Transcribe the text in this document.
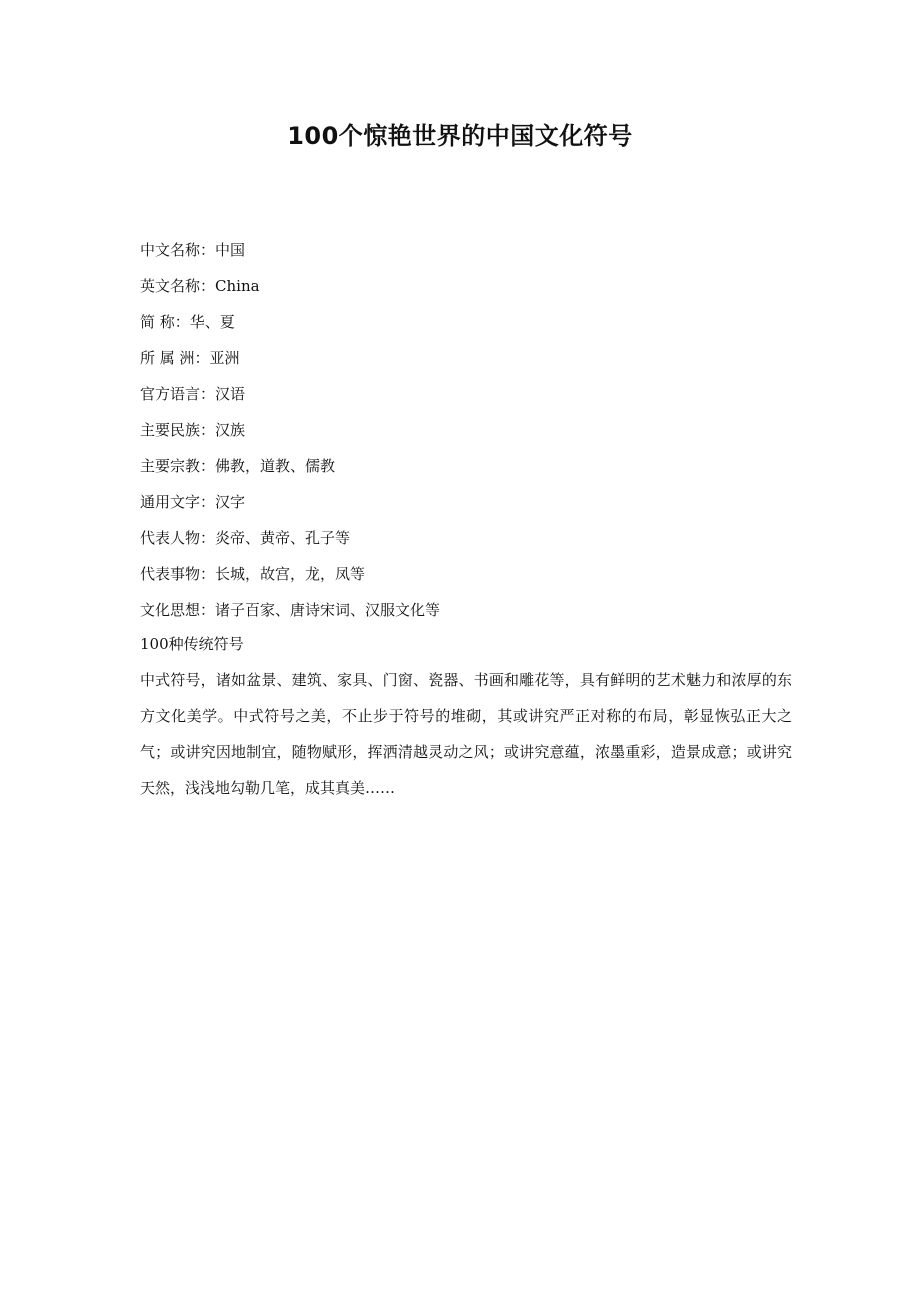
100个惊艳世界的中国文化符号
中文名称：中国
英文名称：China
简 称：华、夏
所 属 洲：亚洲
官方语言：汉语
主要民族：汉族
主要宗教：佛教，道教、儒教
通用文字：汉字
代表人物：炎帝、黄帝、孔子等
代表事物：长城，故宫，龙，凤等
文化思想：诸子百家、唐诗宋词、汉服文化等
100种传统符号
中式符号，诸如盆景、建筑、家具、门窗、瓷器、书画和雕花等，具有鲜明的艺术魅力和浓厚的东方文化美学。中式符号之美，不止步于符号的堆砌，其或讲究严正对称的布局，彰显恢弘正大之气；或讲究因地制宜，随物赋形，挥洒清越灵动之风；或讲究意蕴，浓墨重彩，造景成意；或讲究天然，浅浅地勾勒几笔，成其真美……
